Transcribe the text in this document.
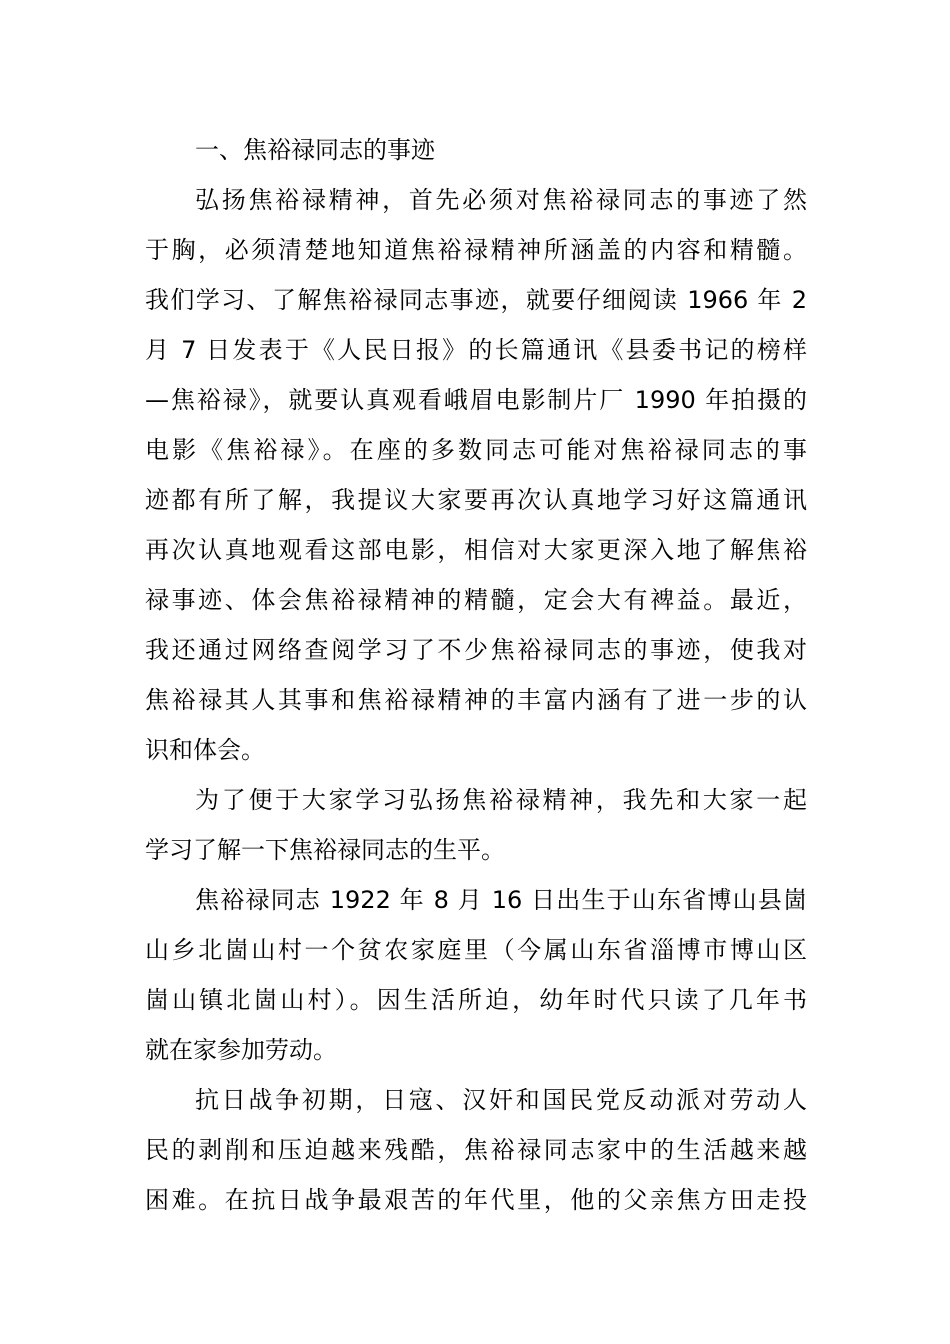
一、焦裕禄同志的事迹
弘扬焦裕禄精神，首先必须对焦裕禄同志的事迹了然
于胸，必须清楚地知道焦裕禄精神所涵盖的内容和精髓。
我们学习、了解焦裕禄同志事迹，就要仔细阅读 1966 年 2
月 7 日发表于《人民日报》的长篇通讯《县委书记的榜样
—焦裕禄》，就要认真观看峨眉电影制片厂 1990 年拍摄的
电影《焦裕禄》。在座的多数同志可能对焦裕禄同志的事
迹都有所了解，我提议大家要再次认真地学习好这篇通讯
再次认真地观看这部电影，相信对大家更深入地了解焦裕
禄事迹、体会焦裕禄精神的精髓，定会大有裨益。最近，
我还通过网络查阅学习了不少焦裕禄同志的事迹，使我对
焦裕禄其人其事和焦裕禄精神的丰富内涵有了进一步的认
识和体会。
为了便于大家学习弘扬焦裕禄精神，我先和大家一起
学习了解一下焦裕禄同志的生平。
焦裕禄同志 1922 年 8 月 16 日出生于山东省博山县崮
山乡北崮山村一个贫农家庭里（今属山东省淄博市博山区
崮山镇北崮山村）。因生活所迫，幼年时代只读了几年书
就在家参加劳动。
抗日战争初期，日寇、汉奸和国民党反动派对劳动人
民的剥削和压迫越来残酷，焦裕禄同志家中的生活越来越
困难。在抗日战争最艰苦的年代里，他的父亲焦方田走投
